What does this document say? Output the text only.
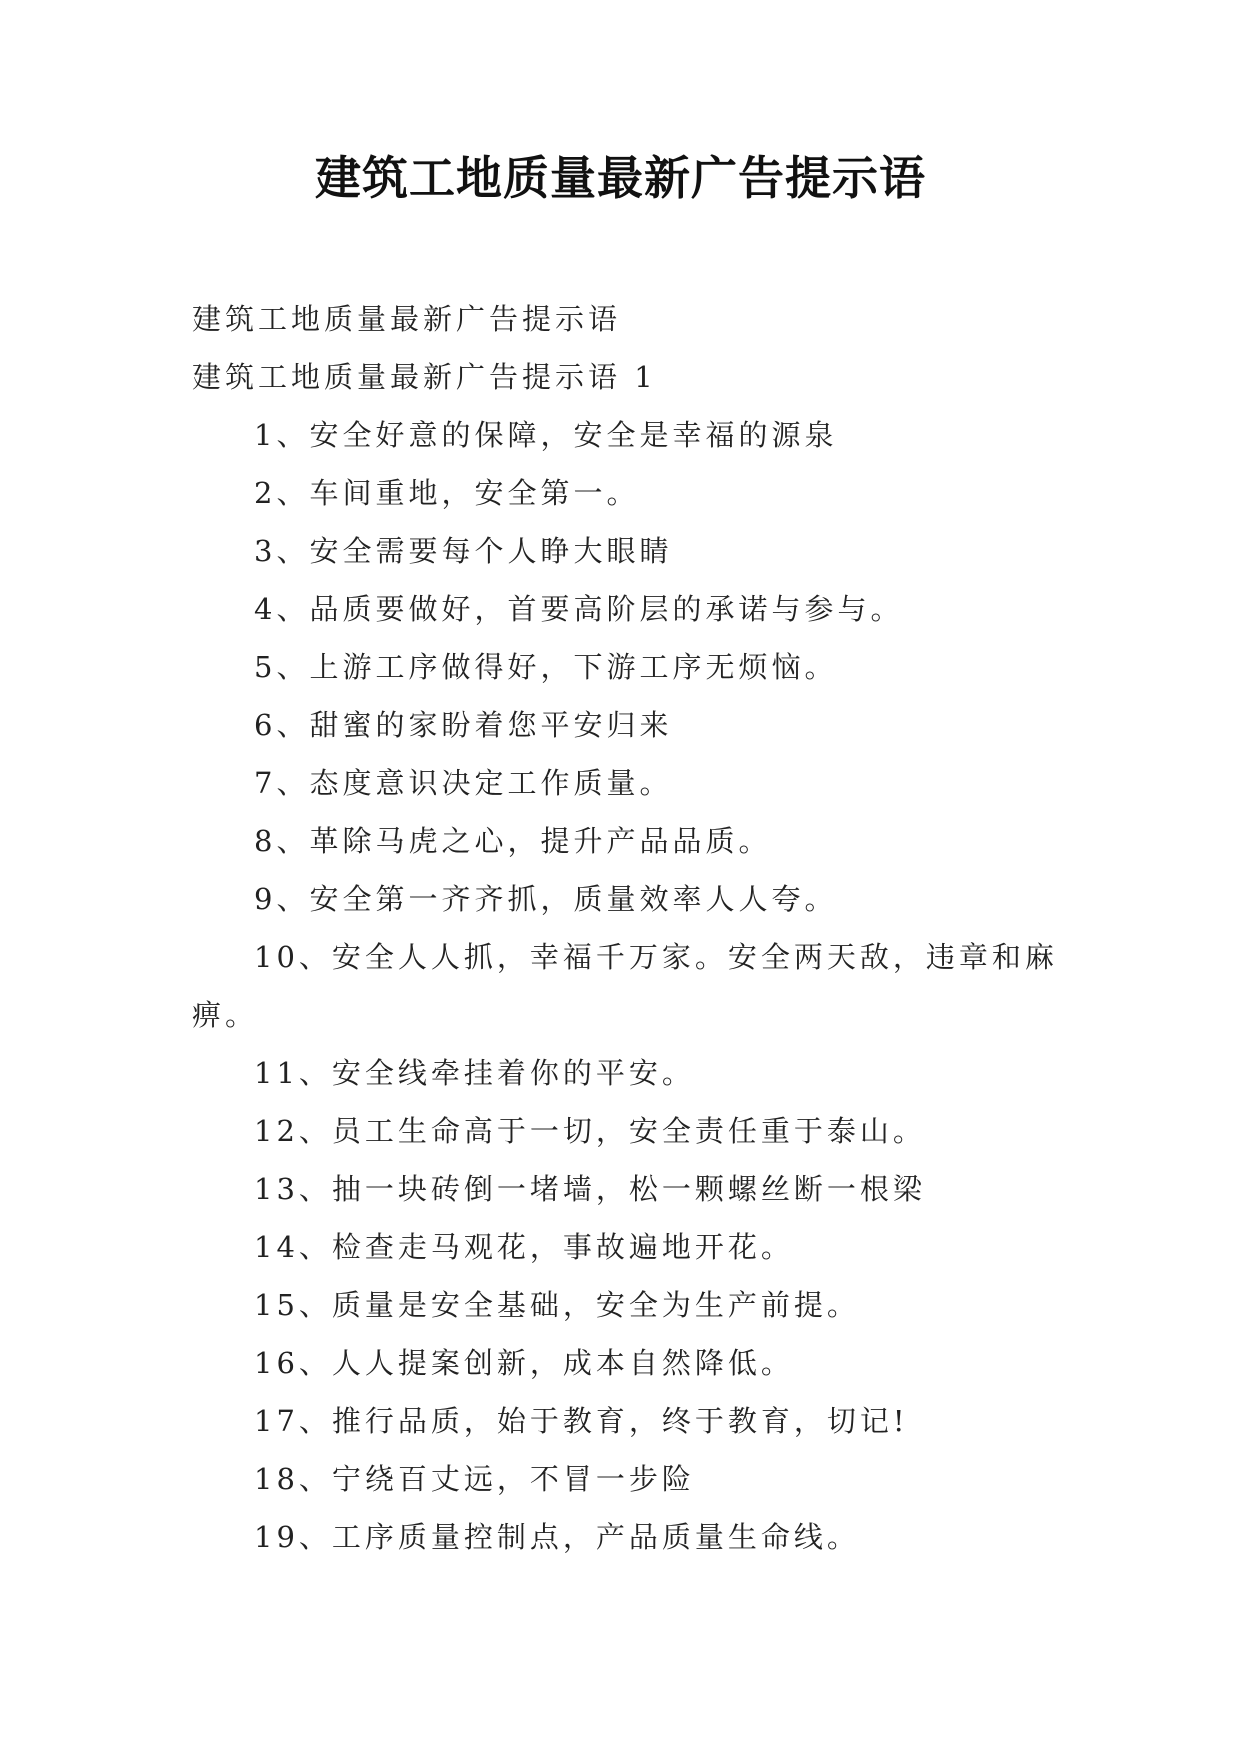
建筑工地质量最新广告提示语

建筑工地质量最新广告提示语

建筑工地质量最新广告提示语 1

1、安全好意的保障，安全是幸福的源泉

2、车间重地，安全第一。

3、安全需要每个人睁大眼睛

4、品质要做好，首要高阶层的承诺与参与。

5、上游工序做得好，下游工序无烦恼。

6、甜蜜的家盼着您平安归来

7、态度意识决定工作质量。

8、革除马虎之心，提升产品品质。

9、安全第一齐齐抓，质量效率人人夸。

10、安全人人抓，幸福千万家。安全两天敌，违章和麻痹。

11、安全线牵挂着你的平安。

12、员工生命高于一切，安全责任重于泰山。

13、抽一块砖倒一堵墙，松一颗螺丝断一根梁

14、检查走马观花，事故遍地开花。

15、质量是安全基础，安全为生产前提。

16、人人提案创新，成本自然降低。

17、推行品质，始于教育，终于教育，切记!

18、宁绕百丈远，不冒一步险

19、工序质量控制点，产品质量生命线。
